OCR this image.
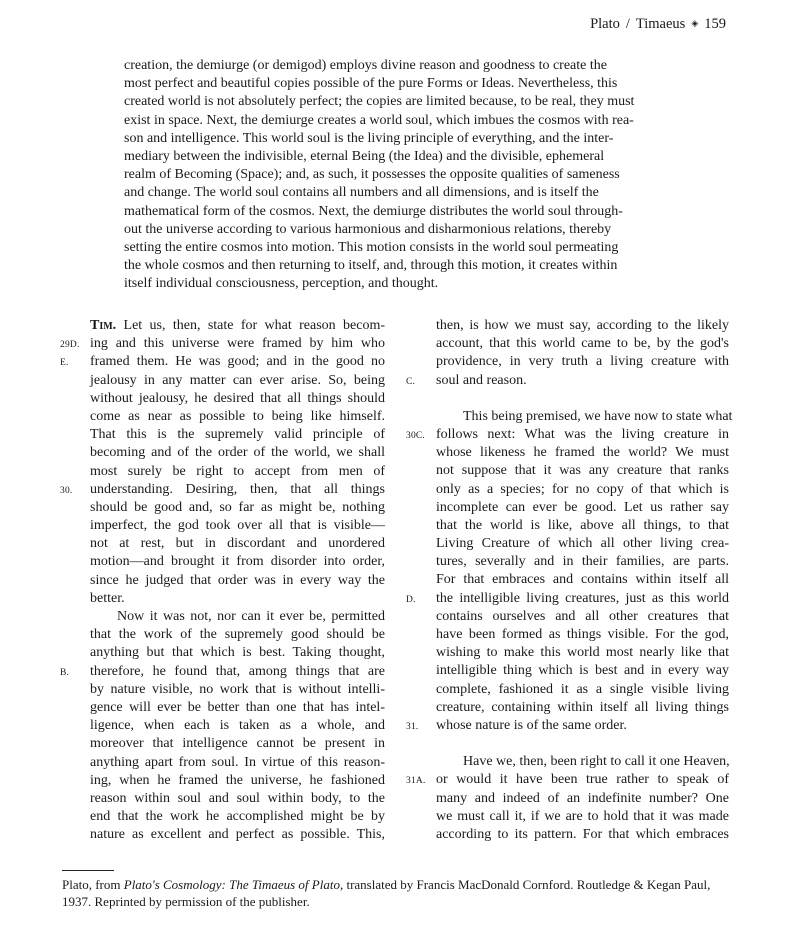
Plato / Timaeus ◈ 159
creation, the demiurge (or demigod) employs divine reason and goodness to create the
most perfect and beautiful copies possible of the pure Forms or Ideas. Nevertheless, this
created world is not absolutely perfect; the copies are limited because, to be real, they must
exist in space. Next, the demiurge creates a world soul, which imbues the cosmos with rea-
son and intelligence. This world soul is the living principle of everything, and the inter-
mediary between the indivisible, eternal Being (the Idea) and the divisible, ephemeral
realm of Becoming (Space); and, as such, it possesses the opposite qualities of sameness
and change. The world soul contains all numbers and all dimensions, and is itself the
mathematical form of the cosmos. Next, the demiurge distributes the world soul through-
out the universe according to various harmonious and disharmonious relations, thereby
setting the entire cosmos into motion. This motion consists in the world soul permeating
the whole cosmos and then returning to itself, and, through this motion, it creates within
itself individual consciousness, perception, and thought.
Tim. Let us, then, state for what reason becom-
29D. ing and this universe were framed by him who
E.	framed them. He was good; and in the good no
jealousy in any matter can ever arise. So, being
without jealousy, he desired that all things should
come as near as possible to being like himself.
That this is the supremely valid principle of
becoming and of the order of the world, we shall
most surely be right to accept from men of
30.	understanding. Desiring, then, that all things
should be good and, so far as might be, nothing
imperfect, the god took over all that is visible—
not at rest, but in discordant and unordered
motion—and brought it from disorder into order,
since he judged that order was in every way the
better.
Now it was not, nor can it ever be, permitted
that the work of the supremely good should be
anything but that which is best. Taking thought,
B.	therefore, he found that, among things that are
by nature visible, no work that is without intelli-
gence will ever be better than one that has intel-
ligence, when each is taken as a whole, and
moreover that intelligence cannot be present in
anything apart from soul. In virtue of this reason-
ing, when he framed the universe, he fashioned
reason within soul and soul within body, to the
end that the work he accomplished might be by
nature as excellent and perfect as possible. This,
then, is how we must say, according to the likely
account, that this world came to be, by the god's
providence, in very truth a living creature with
C.	soul and reason.
This being premised, we have now to state what
30C. follows next: What was the living creature in
whose likeness he framed the world? We must
not suppose that it was any creature that ranks
only as a species; for no copy of that which is
incomplete can ever be good. Let us rather say
that the world is like, above all things, to that
Living Creature of which all other living crea-
tures, severally and in their families, are parts.
For that embraces and contains within itself all
D.	the intelligible living creatures, just as this world
contains ourselves and all other creatures that
have been formed as things visible. For the god,
wishing to make this world most nearly like that
intelligible thing which is best and in every way
complete, fashioned it as a single visible living
creature, containing within itself all living things
31.	whose nature is of the same order.
Have we, then, been right to call it one Heaven,
31A. or would it have been true rather to speak of
many and indeed of an indefinite number? One
we must call it, if we are to hold that it was made
according to its pattern. For that which embraces
Plato, from Plato's Cosmology: The Timaeus of Plato, translated by Francis MacDonald Cornford. Routledge & Kegan Paul,
1937. Reprinted by permission of the publisher.
